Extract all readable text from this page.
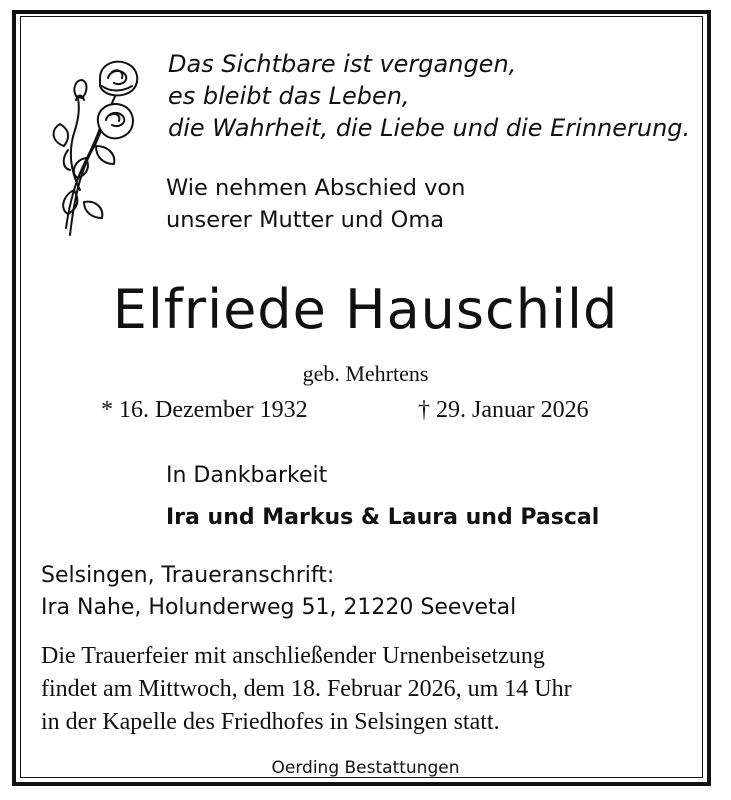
Das Sichtbare ist vergangen,
es bleibt das Leben,
die Wahrheit, die Liebe und die Erinnerung.
Wie nehmen Abschied von
unserer Mutter und Oma
Elfriede Hauschild
geb. Mehrtens
* 16. Dezember 1932	† 29. Januar 2026
In Dankbarkeit
Ira und Markus & Laura und Pascal
Selsingen, Traueranschrift:
Ira Nahe, Holunderweg 51, 21220 Seevetal
Die Trauerfeier mit anschließender Urnenbeisetzung
findet am Mittwoch, dem 18. Februar 2026, um 14 Uhr
in der Kapelle des Friedhofes in Selsingen statt.
Oerding Bestattungen
